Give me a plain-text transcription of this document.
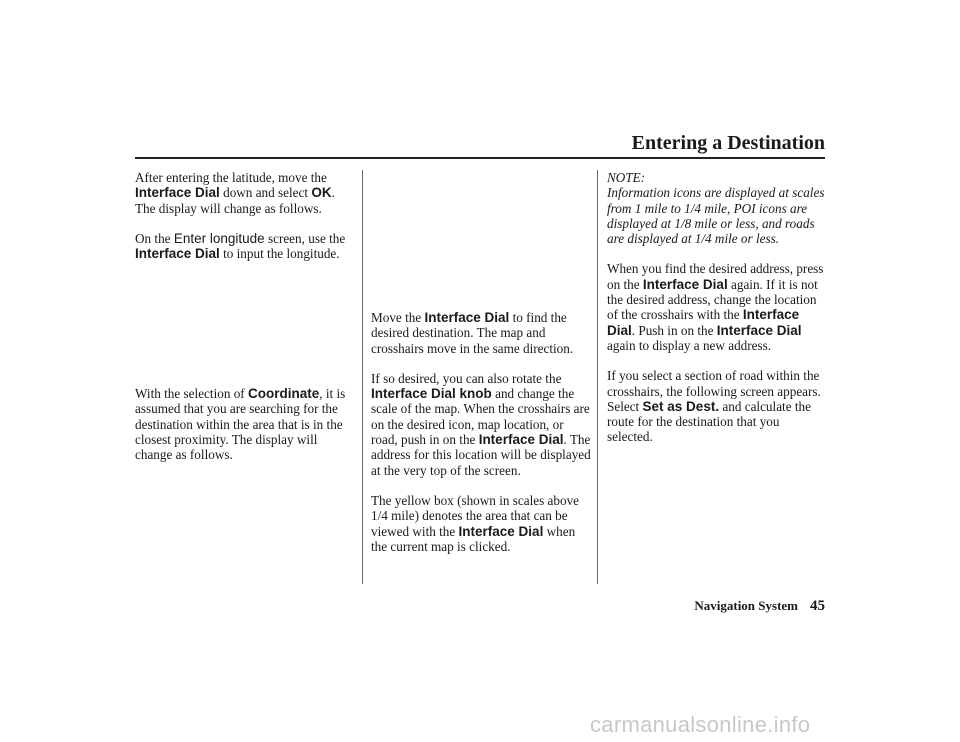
Entering a Destination

After entering the latitude, move the Interface Dial down and select OK. The display will change as follows.

On the Enter longitude screen, use the Interface Dial to input the longitude.

With the selection of Coordinate, it is assumed that you are searching for the destination within the area that is in the closest proximity. The display will change as follows.

Move the Interface Dial to find the desired destination. The map and crosshairs move in the same direction.

If so desired, you can also rotate the Interface Dial knob and change the scale of the map. When the crosshairs are on the desired icon, map location, or road, push in on the Interface Dial. The address for this location will be displayed at the very top of the screen.

The yellow box (shown in scales above 1/4 mile) denotes the area that can be viewed with the Interface Dial when the current map is clicked.

NOTE:

Information icons are displayed at scales from 1 mile to 1/4 mile, POI icons are displayed at 1/8 mile or less, and roads are displayed at 1/4 mile or less.

When you find the desired address, press on the Interface Dial again. If it is not the desired address, change the location of the crosshairs with the Interface Dial. Push in on the Interface Dial again to display a new address.

If you select a section of road within the crosshairs, the following screen appears. Select Set as Dest. and calculate the route for the destination that you selected.

Navigation System 45
carmanualsonline.info
